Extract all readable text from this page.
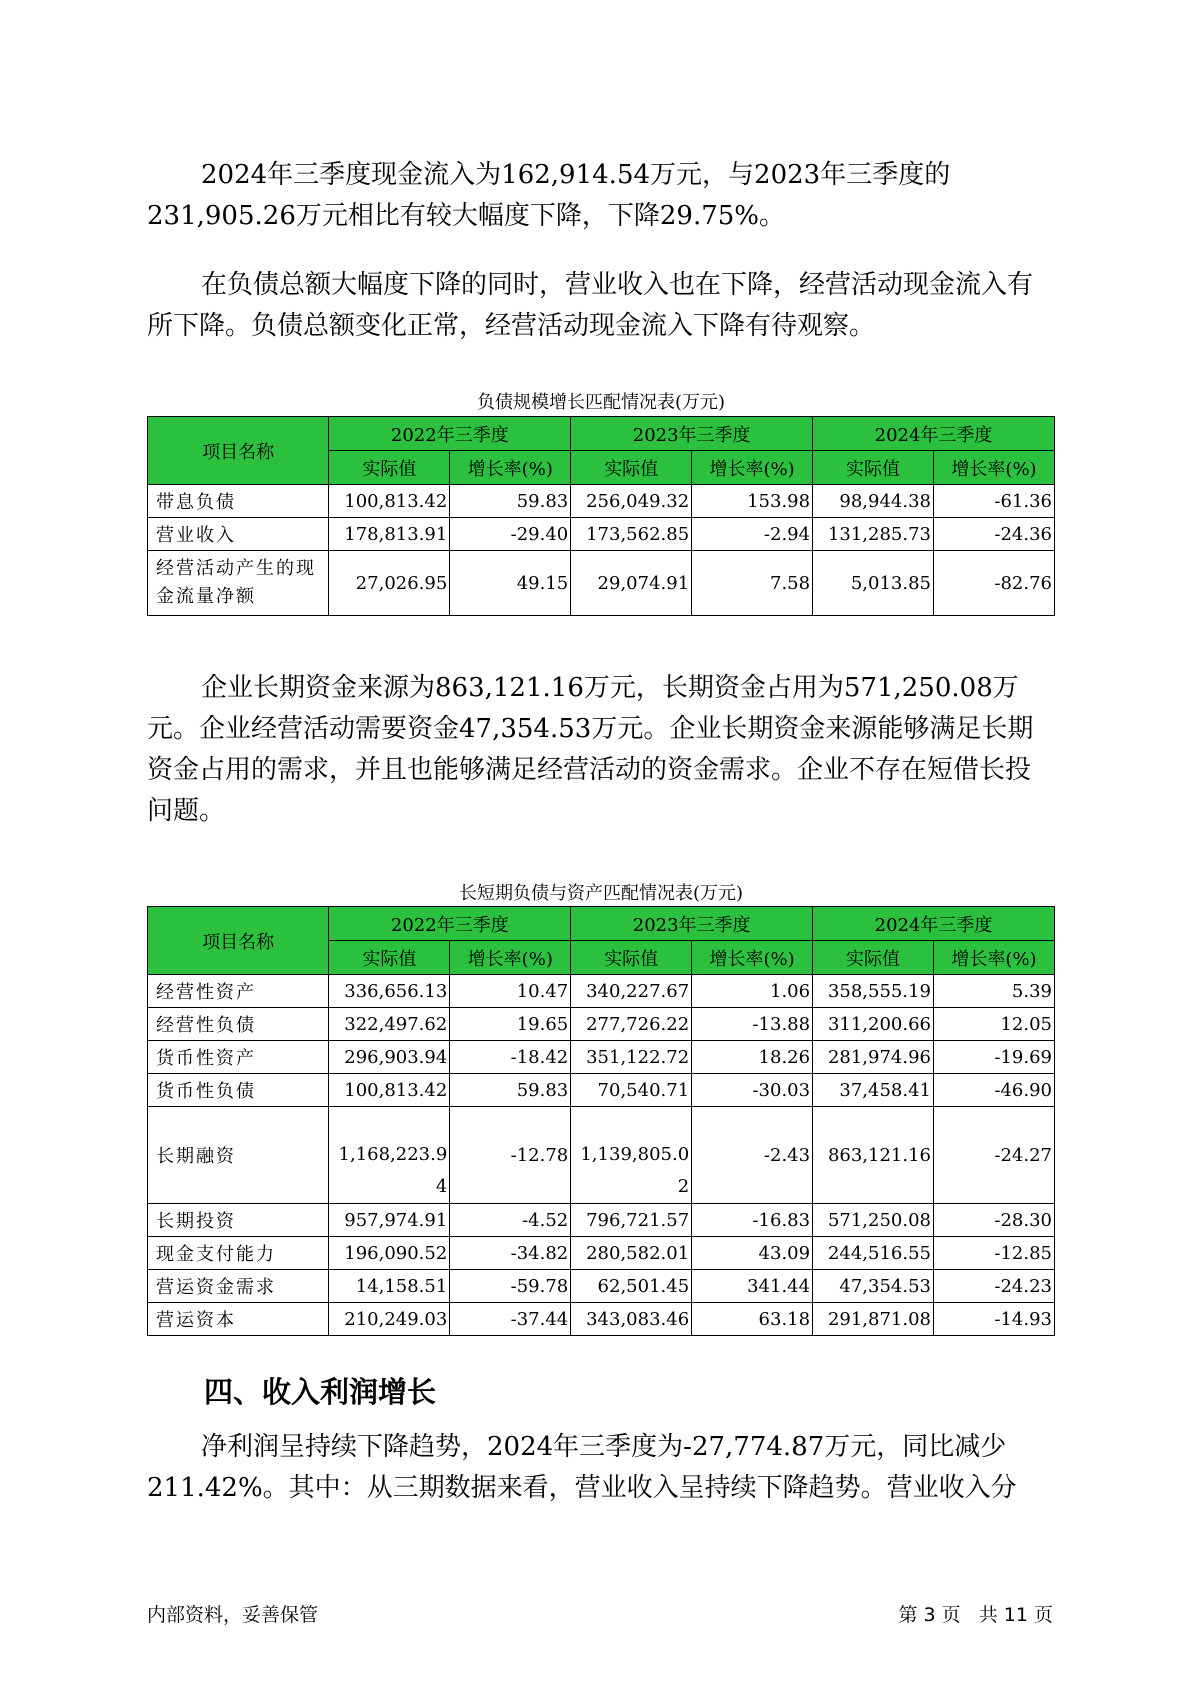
2024年三季度现金流入为162,914.54万元，与2023年三季度的231,905.26万元相比有较大幅度下降，下降29.75%。

在负债总额大幅度下降的同时，营业收入也在下降，经营活动现金流入有所下降。负债总额变化正常，经营活动现金流入下降有待观察。

负债规模增长匹配情况表(万元)
项目名称	2022年三季度		2023年三季度		2024年三季度	
	实际值	增长率(%)	实际值	增长率(%)	实际值	增长率(%)
带息负债	100,813.42	59.83	256,049.32	153.98	98,944.38	-61.36
营业收入	178,813.91	-29.40	173,562.85	-2.94	131,285.73	-24.36
经营活动产生的现金流量净额	27,026.95	49.15	29,074.91	7.58	5,013.85	-82.76

企业长期资金来源为863,121.16万元，长期资金占用为571,250.08万元。企业经营活动需要资金47,354.53万元。企业长期资金来源能够满足长期资金占用的需求，并且也能够满足经营活动的资金需求。企业不存在短借长投问题。

长短期负债与资产匹配情况表(万元)
项目名称	2022年三季度		2023年三季度		2024年三季度	
	实际值	增长率(%)	实际值	增长率(%)	实际值	增长率(%)
经营性资产	336,656.13	10.47	340,227.67	1.06	358,555.19	5.39
经营性负债	322,497.62	19.65	277,726.22	-13.88	311,200.66	12.05
货币性资产	296,903.94	-18.42	351,122.72	18.26	281,974.96	-19.69
货币性负债	100,813.42	59.83	70,540.71	-30.03	37,458.41	-46.90
长期融资	1,168,223.94	-12.78	1,139,805.02	-2.43	863,121.16	-24.27
长期投资	957,974.91	-4.52	796,721.57	-16.83	571,250.08	-28.30
现金支付能力	196,090.52	-34.82	280,582.01	43.09	244,516.55	-12.85
营运资金需求	14,158.51	-59.78	62,501.45	341.44	47,354.53	-24.23
营运资本	210,249.03	-37.44	343,083.46	63.18	291,871.08	-14.93
四、收入利润增长

净利润呈持续下降趋势，2024年三季度为-27,774.87万元，同比减少211.42%。其中：从三期数据来看，营业收入呈持续下降趋势。营业收入分

内部资料，妥善保管	第 3 页   共 11 页
